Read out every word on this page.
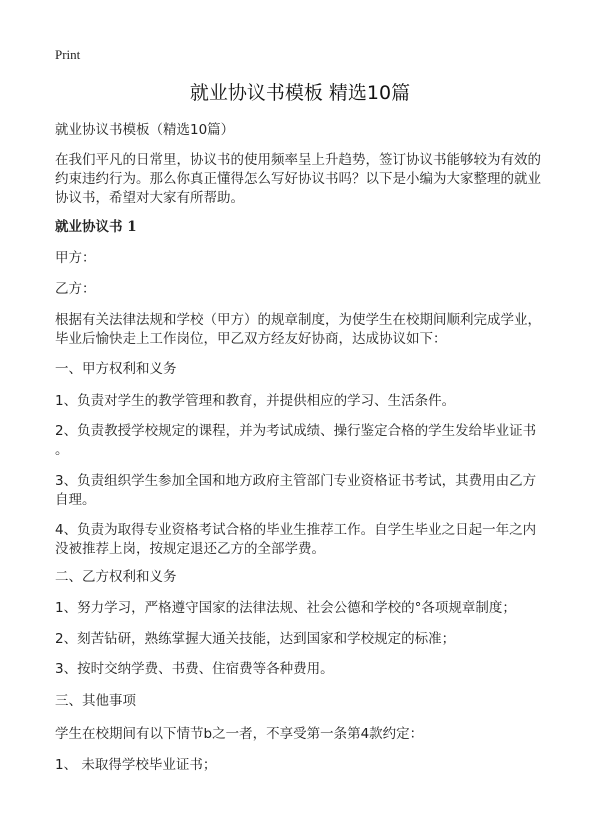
Print
就业协议书模板 精选10篇
就业协议书模板（精选10篇）
在我们平凡的日常里，协议书的使用频率呈上升趋势，签订协议书能够较为有效的
约束违约行为。那么你真正懂得怎么写好协议书吗？以下是小编为大家整理的就业
协议书，希望对大家有所帮助。
就业协议书 1
甲方：
乙方：
根据有关法律法规和学校（甲方）的规章制度，为使学生在校期间顺利完成学业，
毕业后愉快走上工作岗位，甲乙双方经友好协商，达成协议如下：
一、甲方权利和义务
1、负责对学生的教学管理和教育，并提供相应的学习、生活条件。
2、负责教授学校规定的课程，并为考试成绩、操行鉴定合格的学生发给毕业证书
。
3、负责组织学生参加全国和地方政府主管部门专业资格证书考试，其费用由乙方
自理。
4、负责为取得专业资格考试合格的毕业生推荐工作。自学生毕业之日起一年之内
没被推荐上岗，按规定退还乙方的全部学费。
二、乙方权利和义务
1、努力学习，严格遵守国家的法律法规、社会公德和学校的°各项规章制度；
2、刻苦钻研，熟练掌握大通关技能，达到国家和学校规定的标准；
3、按时交纳学费、书费、住宿费等各种费用。
三、其他事项
学生在校期间有以下情节b之一者，不享受第一条第4款约定：
1、 未取得学校毕业证书；
